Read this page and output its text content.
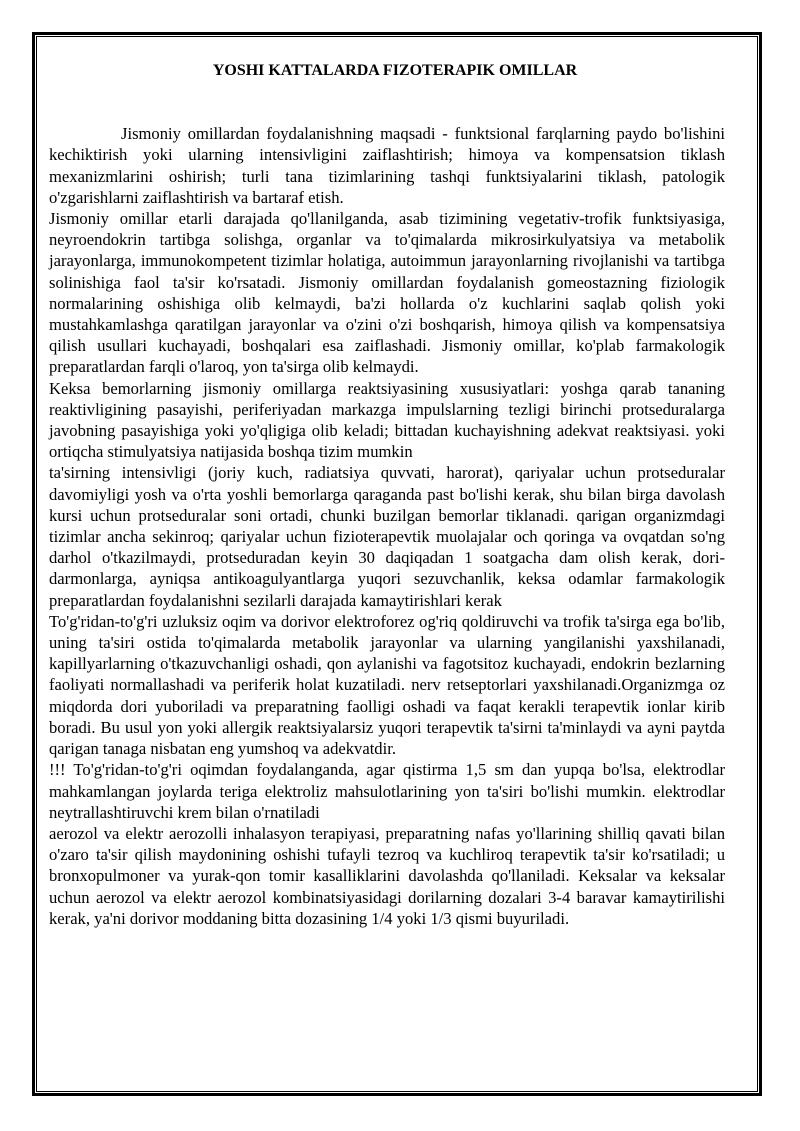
YOSHI KATTALARDA FIZOTERAPIK OMILLAR

Jismoniy omillardan foydalanishning maqsadi - funktsional farqlarning paydo bo'lishini kechiktirish yoki ularning intensivligini zaiflashtirish; himoya va kompensatsion tiklash mexanizmlarini oshirish; turli tana tizimlarining tashqi funktsiyalarini tiklash, patologik o'zgarishlarni zaiflashtirish va bartaraf etish.

Jismoniy omillar etarli darajada qo'llanilganda, asab tizimining vegetativ-trofik funktsiyasiga, neyroendokrin tartibga solishga, organlar va to'qimalarda mikrosirkulyatsiya va metabolik jarayonlarga, immunokompetent tizimlar holatiga, autoimmun jarayonlarning rivojlanishi va tartibga solinishiga faol ta'sir ko'rsatadi. Jismoniy omillardan foydalanish gomeostazning fiziologik normalarining oshishiga olib kelmaydi, ba'zi hollarda o'z kuchlarini saqlab qolish yoki mustahkamlashga qaratilgan jarayonlar va o'zini o'zi boshqarish, himoya qilish va kompensatsiya qilish usullari kuchayadi, boshqalari esa zaiflashadi. Jismoniy omillar, ko'plab farmakologik preparatlardan farqli o'laroq, yon ta'sirga olib kelmaydi.

Keksa bemorlarning jismoniy omillarga reaktsiyasining xususiyatlari: yoshga qarab tananing reaktivligining pasayishi, periferiyadan markazga impulslarning tezligi birinchi protseduralarga javobning pasayishiga yoki yo'qligiga olib keladi; bittadan kuchayishning adekvat reaktsiyasi. yoki ortiqcha stimulyatsiya natijasida boshqa tizim mumkin

ta'sirning intensivligi (joriy kuch, radiatsiya quvvati, harorat), qariyalar uchun protseduralar davomiyligi yosh va o'rta yoshli bemorlarga qaraganda past bo'lishi kerak, shu bilan birga davolash kursi uchun protseduralar soni ortadi, chunki buzilgan bemorlar tiklanadi. qarigan organizmdagi tizimlar ancha sekinroq; qariyalar uchun fizioterapevtik muolajalar och qoringa va ovqatdan so'ng darhol o'tkazilmaydi, protseduradan keyin 30 daqiqadan 1 soatgacha dam olish kerak, dori-darmonlarga, ayniqsa antikoagulyantlarga yuqori sezuvchanlik, keksa odamlar farmakologik preparatlardan foydalanishni sezilarli darajada kamaytirishlari kerak

To'g'ridan-to'g'ri uzluksiz oqim va dorivor elektroforez og'riq qoldiruvchi va trofik ta'sirga ega bo'lib, uning ta'siri ostida to'qimalarda metabolik jarayonlar va ularning yangilanishi yaxshilanadi, kapillyarlarning o'tkazuvchanligi oshadi, qon aylanishi va fagotsitoz kuchayadi, endokrin bezlarning faoliyati normallashadi va periferik holat kuzatiladi. nerv retseptorlari yaxshilanadi.Organizmga oz miqdorda dori yuboriladi va preparatning faolligi oshadi va faqat kerakli terapevtik ionlar kirib boradi. Bu usul yon yoki allergik reaktsiyalarsiz yuqori terapevtik ta'sirni ta'minlaydi va ayni paytda qarigan tanaga nisbatan eng yumshoq va adekvatdir.

!!! To'g'ridan-to'g'ri oqimdan foydalanganda, agar qistirma 1,5 sm dan yupqa bo'lsa, elektrodlar mahkamlangan joylarda teriga elektroliz mahsulotlarining yon ta'siri bo'lishi mumkin. elektrodlar neytrallashtiruvchi krem bilan o'rnatiladi

aerozol va elektr aerozolli inhalasyon terapiyasi, preparatning nafas yo'llarining shilliq qavati bilan o'zaro ta'sir qilish maydonining oshishi tufayli tezroq va kuchliroq terapevtik ta'sir ko'rsatiladi; u bronxopulmoner va yurak-qon tomir kasalliklarini davolashda qo'llaniladi. Keksalar va keksalar uchun aerozol va elektr aerozol kombinatsiyasidagi dorilarning dozalari 3-4 baravar kamaytirilishi kerak, ya'ni dorivor moddaning bitta dozasining 1/4 yoki 1/3 qismi buyuriladi.
